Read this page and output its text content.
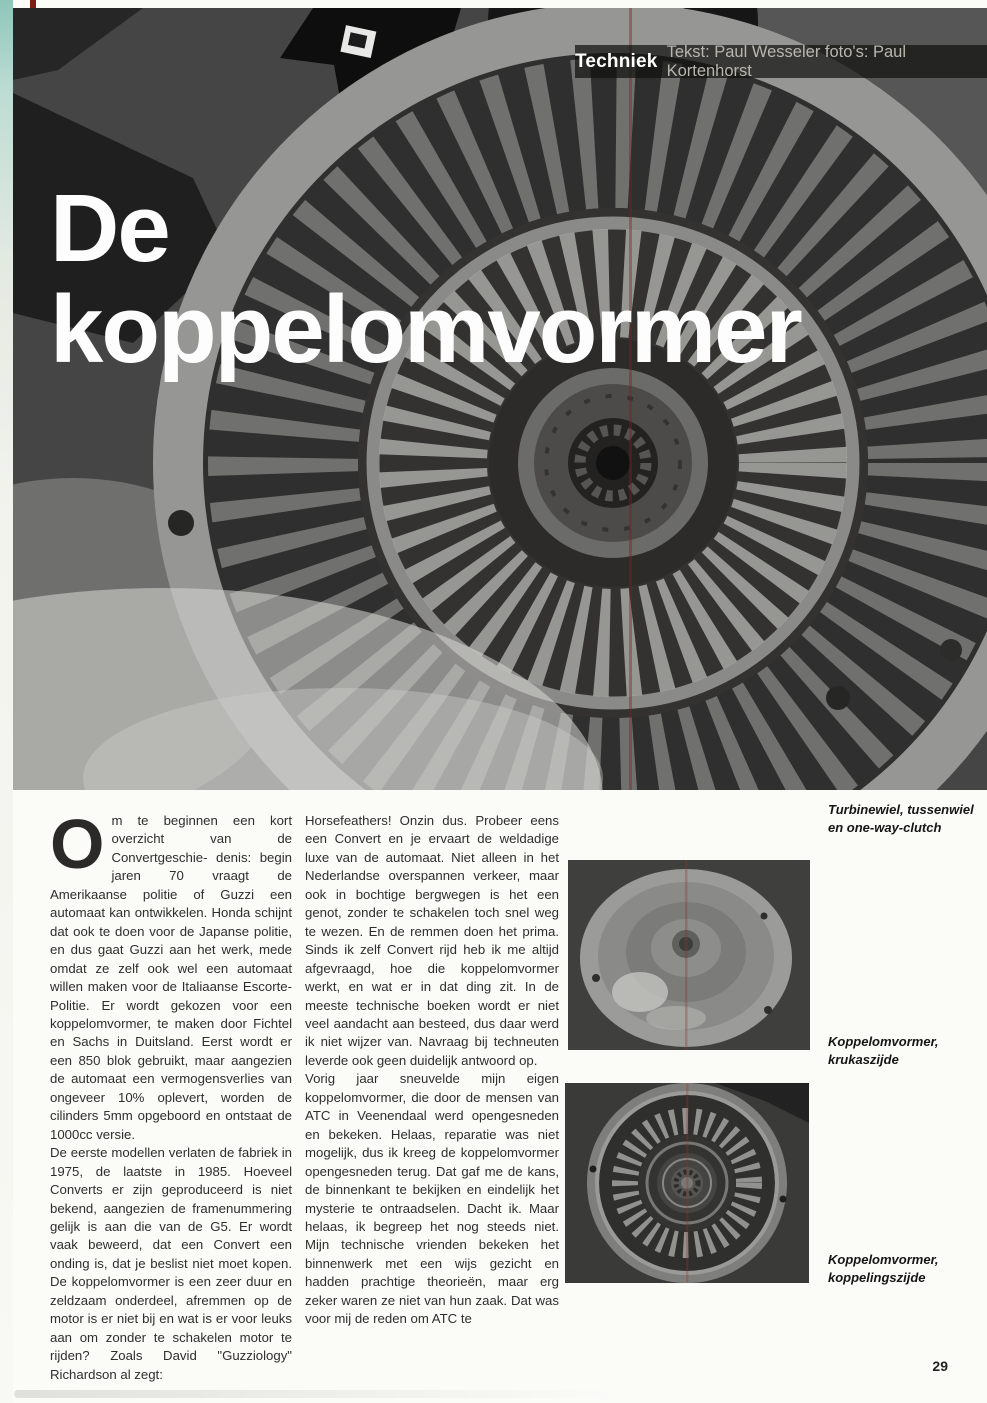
Techniek Tekst: Paul Wesseler foto's: Paul Kortenhorst
De
koppelomvormer

Om te beginnen een kort overzicht van de Convertgeschie- denis: begin jaren 70 vraagt de Amerikaanse politie of Guzzi een automaat kan ontwikkelen. Honda schijnt dat ook te doen voor de Japanse politie, en dus gaat Guzzi aan het werk, mede omdat ze zelf ook wel een automaat willen maken voor de Italiaanse Escorte-Politie. Er wordt gekozen voor een koppelomvormer, te maken door Fichtel en Sachs in Duitsland. Eerst wordt er een 850 blok gebruikt, maar aangezien de automaat een vermogensverlies van ongeveer 10% oplevert, worden de cilinders 5mm opgeboord en ontstaat de 1000cc versie.

De eerste modellen verlaten de fabriek in 1975, de laatste in 1985. Hoeveel Converts er zijn geproduceerd is niet bekend, aangezien de framenummering gelijk is aan die van de G5. Er wordt vaak beweerd, dat een Convert een onding is, dat je beslist niet moet kopen. De koppelomvormer is een zeer duur en zeldzaam onderdeel, afremmen op de motor is er niet bij en wat is er voor leuks aan om zonder te schakelen motor te rijden? Zoals David "Guzziology" Richardson al zegt:

Horsefeathers! Onzin dus. Probeer eens een Convert en je ervaart de weldadige luxe van de automaat. Niet alleen in het Nederlandse overspannen verkeer, maar ook in bochtige bergwegen is het een genot, zonder te schakelen toch snel weg te wezen. En de remmen doen het prima. Sinds ik zelf Convert rijd heb ik me altijd afgevraagd, hoe die koppelomvormer werkt, en wat er in dat ding zit. In de meeste technische boeken wordt er niet veel aandacht aan besteed, dus daar werd ik niet wijzer van. Navraag bij techneuten leverde ook geen duidelijk antwoord op.

Vorig jaar sneuvelde mijn eigen koppelomvormer, die door de mensen van ATC in Veenendaal werd opengesneden en bekeken. Helaas, reparatie was niet mogelijk, dus ik kreeg de koppelomvormer opengesneden terug. Dat gaf me de kans, de binnenkant te bekijken en eindelijk het mysterie te ontraadselen. Dacht ik. Maar helaas, ik begreep het nog steeds niet. Mijn technische vrienden bekeken het binnenwerk met een wijs gezicht en hadden prachtige theorieën, maar erg zeker waren ze niet van hun zaak. Dat was voor mij de reden om ATC te

Turbinewiel, tussenwiel en one-way-clutch
Koppelomvormer, krukaszijde
Koppelomvormer, koppelingszijde
29
